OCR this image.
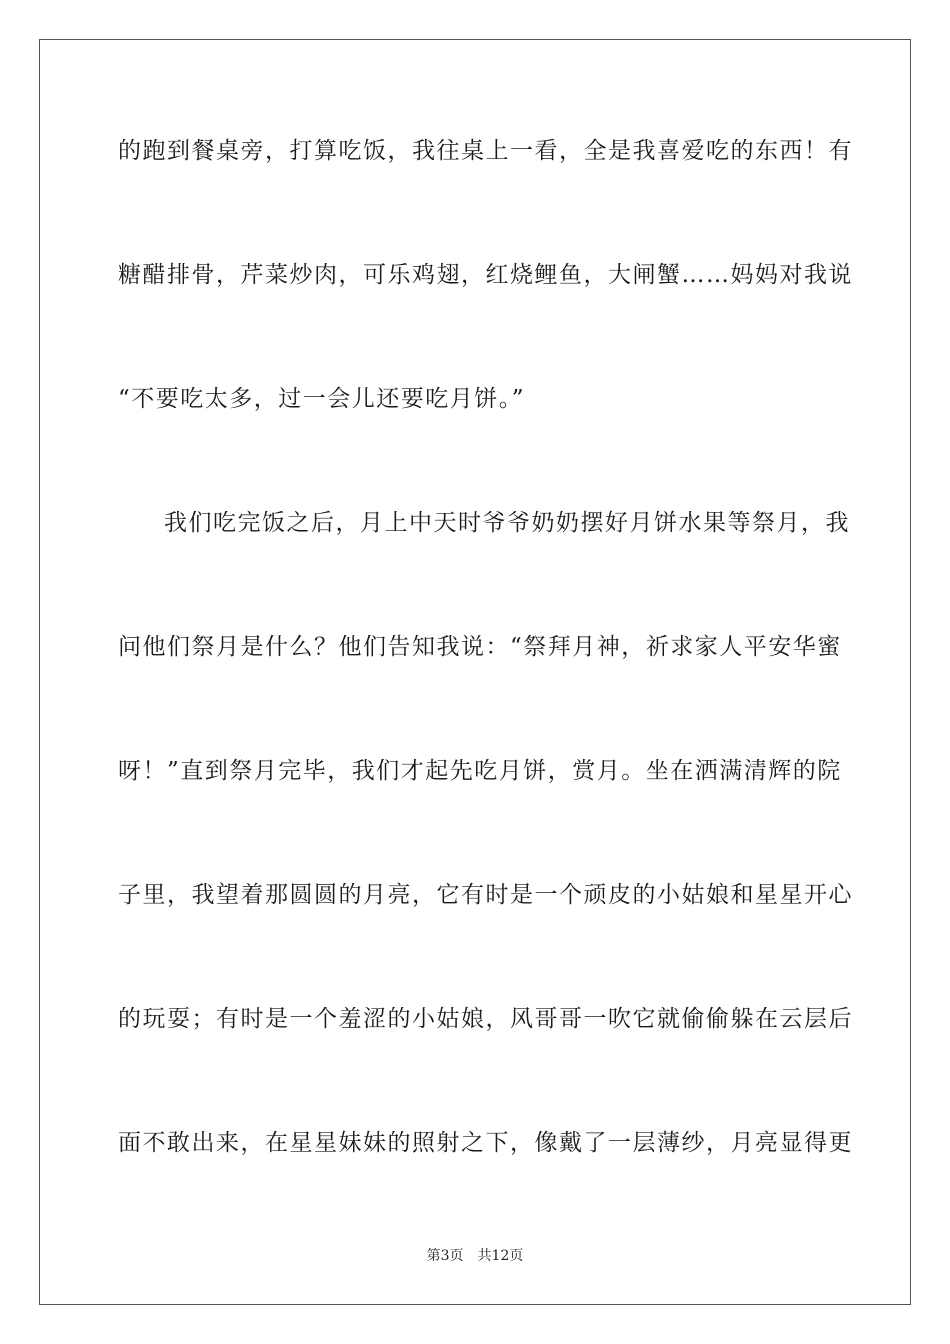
的跑到餐桌旁，打算吃饭，我往桌上一看，全是我喜爱吃的东西！有
糖醋排骨，芹菜炒肉，可乐鸡翅，红烧鲤鱼，大闸蟹……妈妈对我说
“不要吃太多，过一会儿还要吃月饼。”
我们吃完饭之后，月上中天时爷爷奶奶摆好月饼水果等祭月，我
问他们祭月是什么？他们告知我说：“祭拜月神，祈求家人平安华蜜
呀！”直到祭月完毕，我们才起先吃月饼，赏月。坐在洒满清辉的院
子里，我望着那圆圆的月亮，它有时是一个顽皮的小姑娘和星星开心
的玩耍；有时是一个羞涩的小姑娘，风哥哥一吹它就偷偷躲在云层后
面不敢出来，在星星妹妹的照射之下，像戴了一层薄纱，月亮显得更
第3页 共12页
